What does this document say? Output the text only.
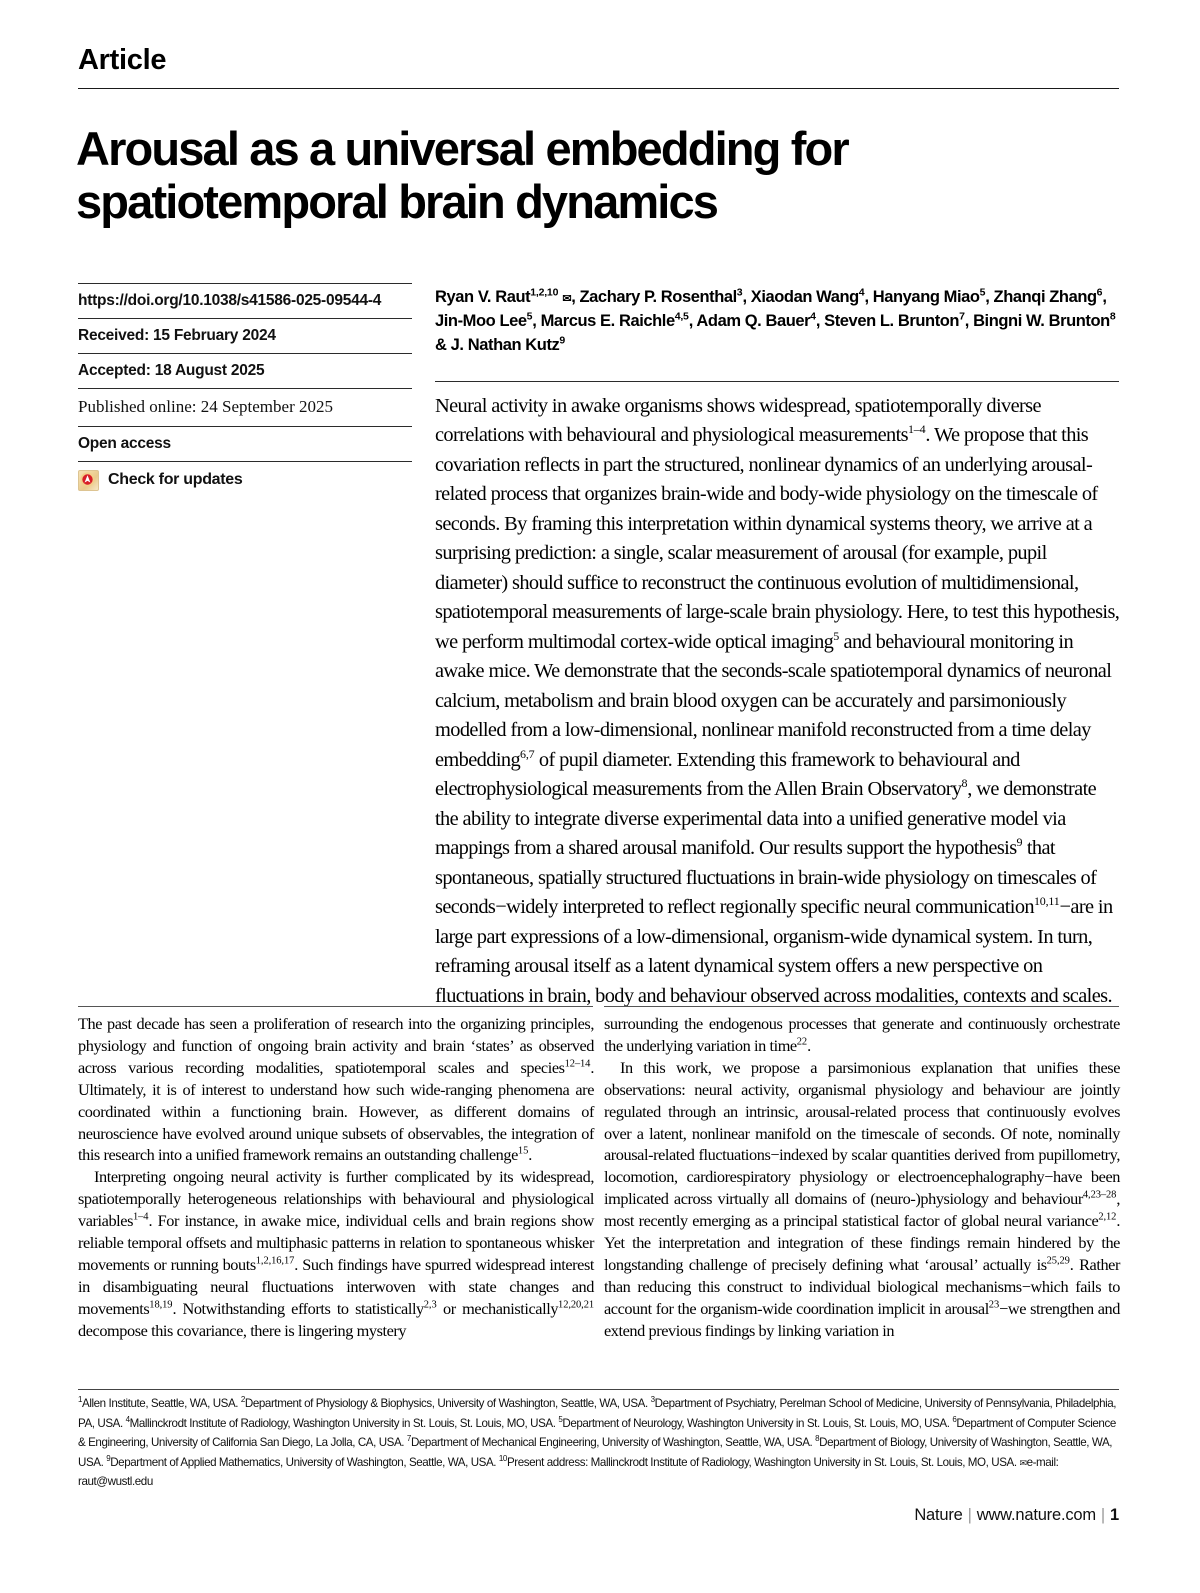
Article
Arousal as a universal embedding for spatiotemporal brain dynamics
https://doi.org/10.1038/s41586-025-09544-4
Received: 15 February 2024
Accepted: 18 August 2025
Published online: 24 September 2025
Open access
Check for updates
Ryan V. Raut$^{1,2,10}$ ✉, Zachary P. Rosenthal$^3$, Xiaodan Wang$^4$, Hanyang Miao$^5$, Zhanqi Zhang$^6$, Jin-Moo Lee$^5$, Marcus E. Raichle$^{4,5}$, Adam Q. Bauer$^4$, Steven L. Brunton$^7$, Bingni W. Brunton$^8$ & J. Nathan Kutz$^9$
Neural activity in awake organisms shows widespread, spatiotemporally diverse correlations with behavioural and physiological measurements$^{1-4}$. We propose that this covariation reflects in part the structured, nonlinear dynamics of an underlying arousal-related process that organizes brain-wide and body-wide physiology on the timescale of seconds. By framing this interpretation within dynamical systems theory, we arrive at a surprising prediction: a single, scalar measurement of arousal (for example, pupil diameter) should suffice to reconstruct the continuous evolution of multidimensional, spatiotemporal measurements of large-scale brain physiology. Here, to test this hypothesis, we perform multimodal cortex-wide optical imaging$^5$ and behavioural monitoring in awake mice. We demonstrate that the seconds-scale spatiotemporal dynamics of neuronal calcium, metabolism and brain blood oxygen can be accurately and parsimoniously modelled from a low-dimensional, nonlinear manifold reconstructed from a time delay embedding$^{6,7}$ of pupil diameter. Extending this framework to behavioural and electrophysiological measurements from the Allen Brain Observatory$^8$, we demonstrate the ability to integrate diverse experimental data into a unified generative model via mappings from a shared arousal manifold. Our results support the hypothesis$^9$ that spontaneous, spatially structured fluctuations in brain-wide physiology on timescales of seconds−widely interpreted to reflect regionally specific neural communication$^{10,11}$−are in large part expressions of a low-dimensional, organism-wide dynamical system. In turn, reframing arousal itself as a latent dynamical system offers a new perspective on fluctuations in brain, body and behaviour observed across modalities, contexts and scales.

The past decade has seen a proliferation of research into the organizing principles, physiology and function of ongoing brain activity and brain ‘states’ as observed across various recording modalities, spatiotemporal scales and species$^{12-14}$. Ultimately, it is of interest to understand how such wide-ranging phenomena are coordinated within a functioning brain. However, as different domains of neuroscience have evolved around unique subsets of observables, the integration of this research into a unified framework remains an outstanding challenge$^{15}$.

Interpreting ongoing neural activity is further complicated by its widespread, spatiotemporally heterogeneous relationships with behavioural and physiological variables$^{1-4}$. For instance, in awake mice, individual cells and brain regions show reliable temporal offsets and multiphasic patterns in relation to spontaneous whisker movements or running bouts$^{1,2,16,17}$. Such findings have spurred widespread interest in disambiguating neural fluctuations interwoven with state changes and movements$^{18,19}$. Notwithstanding efforts to statistically$^{2,3}$ or mechanistically$^{12,20,21}$ decompose this covariance, there is lingering mystery

surrounding the endogenous processes that generate and continuously orchestrate the underlying variation in time$^{22}$.

In this work, we propose a parsimonious explanation that unifies these observations: neural activity, organismal physiology and behaviour are jointly regulated through an intrinsic, arousal-related process that continuously evolves over a latent, nonlinear manifold on the timescale of seconds. Of note, nominally arousal-related fluctuations−indexed by scalar quantities derived from pupillometry, locomotion, cardiorespiratory physiology or electroencephalography−have been implicated across virtually all domains of (neuro-)physiology and behaviour$^{4,23-28}$, most recently emerging as a principal statistical factor of global neural variance$^{2,12}$. Yet the interpretation and integration of these findings remain hindered by the longstanding challenge of precisely defining what ‘arousal’ actually is$^{25,29}$. Rather than reducing this construct to individual biological mechanisms−which fails to account for the organism-wide coordination implicit in arousal$^{23}$−we strengthen and extend previous findings by linking variation in

$^1$Allen Institute, Seattle, WA, USA. $^2$Department of Physiology & Biophysics, University of Washington, Seattle, WA, USA. $^3$Department of Psychiatry, Perelman School of Medicine, University of Pennsylvania, Philadelphia, PA, USA. $^4$Mallinckrodt Institute of Radiology, Washington University in St. Louis, St. Louis, MO, USA. $^5$Department of Neurology, Washington University in St. Louis, St. Louis, MO, USA. $^6$Department of Computer Science & Engineering, University of California San Diego, La Jolla, CA, USA. $^7$Department of Mechanical Engineering, University of Washington, Seattle, WA, USA. $^8$Department of Biology, University of Washington, Seattle, WA, USA. $^9$Department of Applied Mathematics, University of Washington, Seattle, WA, USA. $^{10}$Present address: Mallinckrodt Institute of Radiology, Washington University in St. Louis, St. Louis, MO, USA. ✉e-mail: raut@wustl.edu
Nature | www.nature.com | 1
